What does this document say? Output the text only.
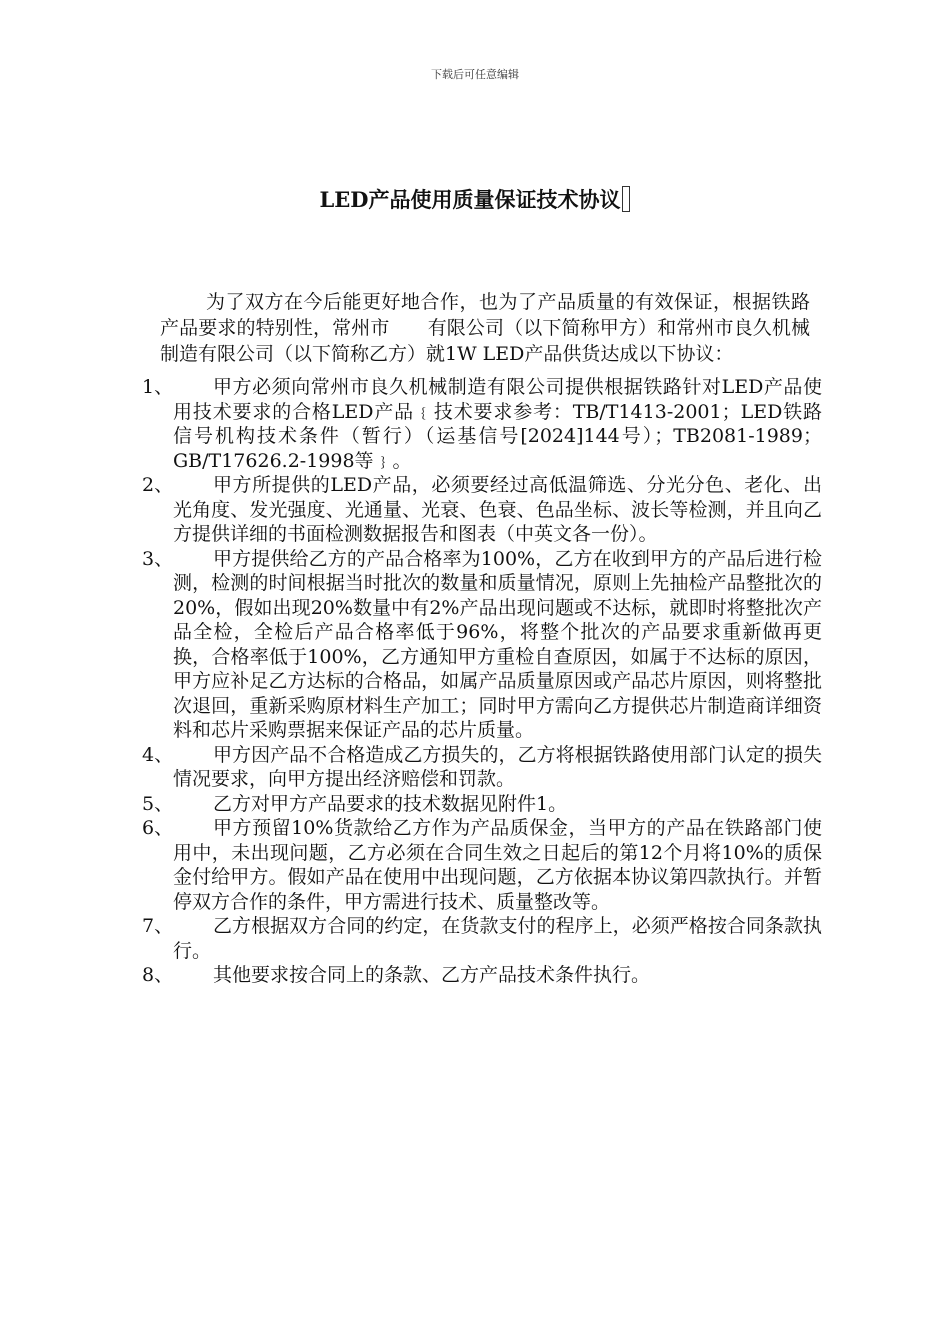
下载后可任意编辑
LED产品使用质量保证技术协议

为了双方在今后能更好地合作，也为了产品质量的有效保证，根据铁路产品要求的特别性，常州市　　有限公司（以下简称甲方）和常州市良久机械制造有限公司（以下简称乙方）就1W LED产品供货达成以下协议：

1、	甲方必须向常州市良久机械制造有限公司提供根据铁路针对LED产品使用技术要求的合格LED产品﹛技术要求参考：TB/T1413-2001；LED铁路信号机构技术条件（暂行）（运基信号[2024]144号）；TB2081-1989；GB/T17626.2-1998等﹜。
2、	甲方所提供的LED产品，必须要经过高低温筛选、分光分色、老化、出光角度、发光强度、光通量、光衰、色衰、色品坐标、波长等检测，并且向乙方提供详细的书面检测数据报告和图表（中英文各一份）。
3、	甲方提供给乙方的产品合格率为100%，乙方在收到甲方的产品后进行检测，检测的时间根据当时批次的数量和质量情况，原则上先抽检产品整批次的20%，假如出现20%数量中有2%产品出现问题或不达标，就即时将整批次产品全检，全检后产品合格率低于96%，将整个批次的产品要求重新做再更换，合格率低于100%，乙方通知甲方重检自查原因，如属于不达标的原因，甲方应补足乙方达标的合格品，如属产品质量原因或产品芯片原因，则将整批次退回，重新采购原材料生产加工；同时甲方需向乙方提供芯片制造商详细资料和芯片采购票据来保证产品的芯片质量。
4、	甲方因产品不合格造成乙方损失的，乙方将根据铁路使用部门认定的损失情况要求，向甲方提出经济赔偿和罚款。
5、	乙方对甲方产品要求的技术数据见附件1。
6、	甲方预留10%货款给乙方作为产品质保金，当甲方的产品在铁路部门使用中，未出现问题，乙方必须在合同生效之日起后的第12个月将10%的质保金付给甲方。假如产品在使用中出现问题，乙方依据本协议第四款执行。并暂停双方合作的条件，甲方需进行技术、质量整改等。
7、	乙方根据双方合同的约定，在货款支付的程序上，必须严格按合同条款执行。
8、	其他要求按合同上的条款、乙方产品技术条件执行。
